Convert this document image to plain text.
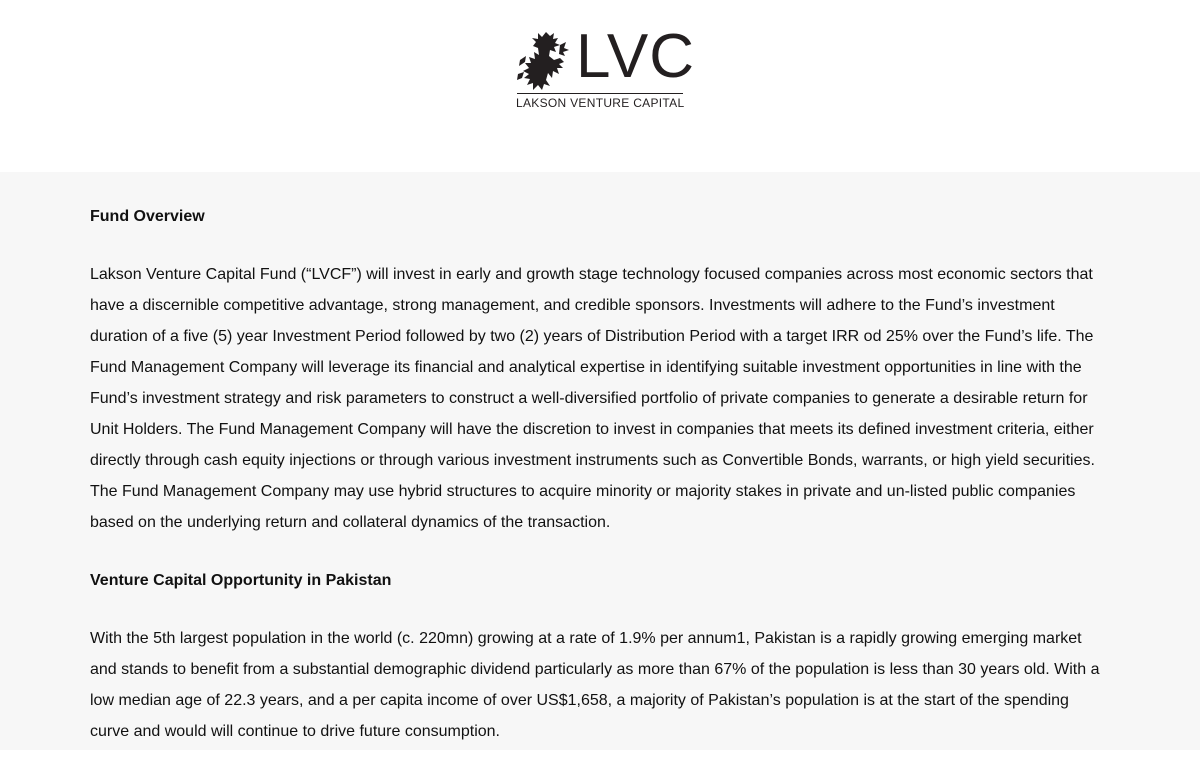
LVC
LAKSON VENTURE CAPITAL
Fund Overview

Lakson Venture Capital Fund (“LVCF”) will invest in early and growth stage technology focused companies across most economic sectors that have a discernible competitive advantage, strong management, and credible sponsors. Investments will adhere to the Fund’s investment duration of a five (5) year Investment Period followed by two (2) years of Distribution Period with a target IRR od 25% over the Fund’s life. The Fund Management Company will leverage its financial and analytical expertise in identifying suitable investment opportunities in line with the Fund’s investment strategy and risk parameters to construct a well-diversified portfolio of private companies to generate a desirable return for Unit Holders. The Fund Management Company will have the discretion to invest in companies that meets its defined investment criteria, either directly through cash equity injections or through various investment instruments such as Convertible Bonds, warrants, or high yield securities. The Fund Management Company may use hybrid structures to acquire minority or majority stakes in private and un-listed public companies based on the underlying return and collateral dynamics of the transaction.

Venture Capital Opportunity in Pakistan

With the 5th largest population in the world (c. 220mn) growing at a rate of 1.9% per annum1, Pakistan is a rapidly growing emerging market and stands to benefit from a substantial demographic dividend particularly as more than 67% of the population is less than 30 years old. With a low median age of 22.3 years, and a per capita income of over US$1,658, a majority of Pakistan’s population is at the start of the spending curve and would will continue to drive future consumption.
